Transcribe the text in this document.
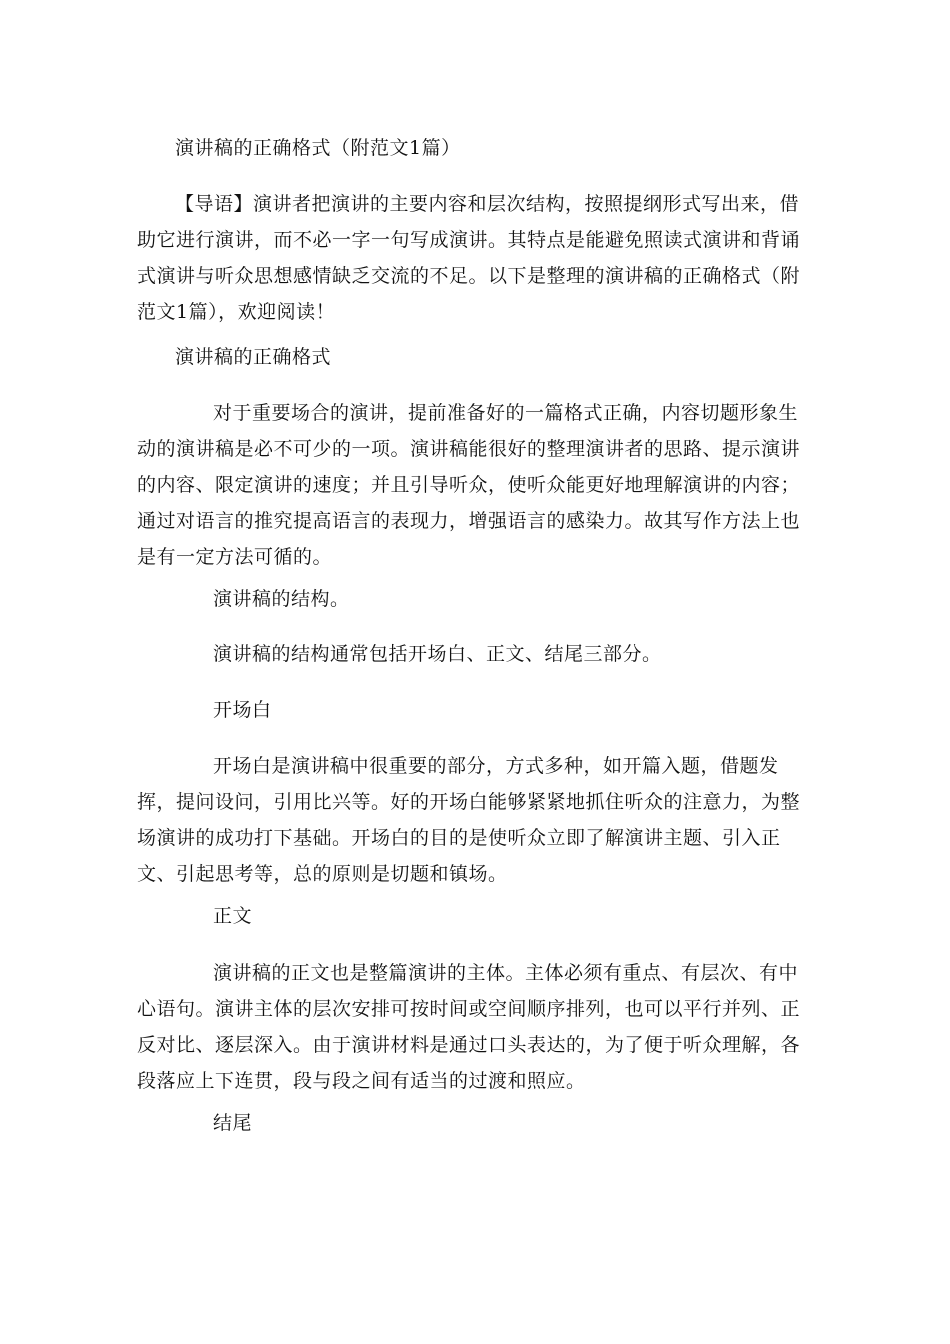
演讲稿的正确格式（附范文1篇）

【导语】演讲者把演讲的主要内容和层次结构，按照提纲形式写出来，借助它进行演讲，而不必一字一句写成演讲。其特点是能避免照读式演讲和背诵式演讲与听众思想感情缺乏交流的不足。以下是整理的演讲稿的正确格式（附范文1篇），欢迎阅读！

演讲稿的正确格式

对于重要场合的演讲，提前准备好的一篇格式正确，内容切题形象生动的演讲稿是必不可少的一项。演讲稿能很好的整理演讲者的思路、提示演讲的内容、限定演讲的速度；并且引导听众，使听众能更好地理解演讲的内容；通过对语言的推究提高语言的表现力，增强语言的感染力。故其写作方法上也是有一定方法可循的。

演讲稿的结构。

演讲稿的结构通常包括开场白、正文、结尾三部分。

开场白

开场白是演讲稿中很重要的部分，方式多种，如开篇入题，借题发挥，提问设问，引用比兴等。好的开场白能够紧紧地抓住听众的注意力，为整场演讲的成功打下基础。开场白的目的是使听众立即了解演讲主题、引入正文、引起思考等，总的原则是切题和镇场。

正文

演讲稿的正文也是整篇演讲的主体。主体必须有重点、有层次、有中心语句。演讲主体的层次安排可按时间或空间顺序排列，也可以平行并列、正反对比、逐层深入。由于演讲材料是通过口头表达的，为了便于听众理解，各段落应上下连贯，段与段之间有适当的过渡和照应。

结尾
